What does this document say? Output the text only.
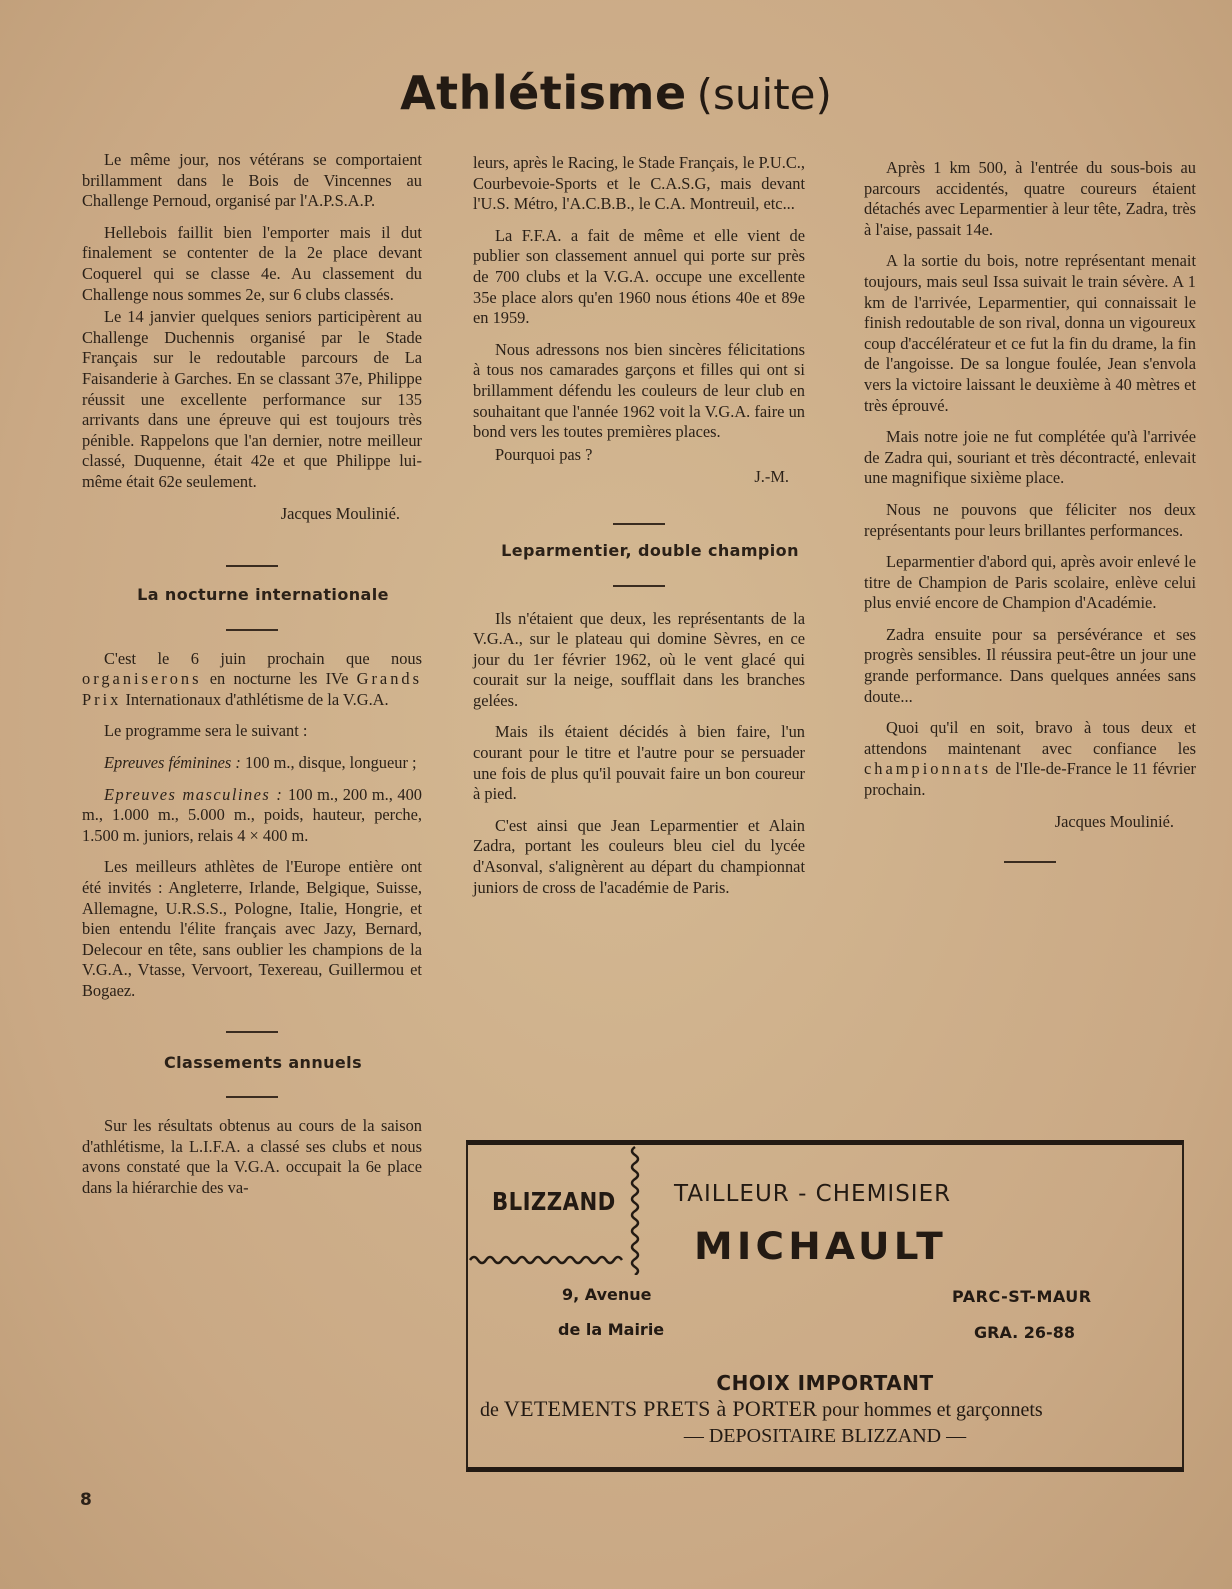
Athlétisme (suite)

Le même jour, nos vétérans se comportaient brillamment dans le Bois de Vincennes au Challenge Pernoud, organisé par l'A.P.S.A.P.

Hellebois faillit bien l'emporter mais il dut finalement se contenter de la 2e place devant Coquerel qui se classe 4e. Au classement du Challenge nous sommes 2e, sur 6 clubs classés.

Le 14 janvier quelques seniors participèrent au Challenge Duchennis organisé par le Stade Français sur le redoutable parcours de La Faisanderie à Garches. En se classant 37e, Philippe réussit une excellente performance sur 135 arrivants dans une épreuve qui est toujours très pénible. Rappelons que l'an dernier, notre meilleur classé, Duquenne, était 42e et que Philippe lui-même était 62e seulement.

Jacques Moulinié.

La nocturne internationale

C'est le 6 juin prochain que nous organiserons en nocturne les IVe Grands Prix Internationaux d'athlétisme de la V.G.A.

Le programme sera le suivant :

Epreuves féminines : 100 m., disque, longueur ;

Epreuves masculines : 100 m., 200 m., 400 m., 1.000 m., 5.000 m., poids, hauteur, perche, 1.500 m. juniors, relais 4 × 400 m.

Les meilleurs athlètes de l'Europe entière ont été invités : Angleterre, Irlande, Belgique, Suisse, Allemagne, U.R.S.S., Pologne, Italie, Hongrie, et bien entendu l'élite français avec Jazy, Bernard, Delecour en tête, sans oublier les champions de la V.G.A., Vtasse, Vervoort, Texereau, Guillermou et Bogaez.

Classements annuels

Sur les résultats obtenus au cours de la saison d'athlétisme, la L.I.F.A. a classé ses clubs et nous avons constaté que la V.G.A. occupait la 6e place dans la hiérarchie des va-

leurs, après le Racing, le Stade Français, le P.U.C., Courbevoie-Sports et le C.A.S.G, mais devant l'U.S. Métro, l'A.C.B.B., le C.A. Montreuil, etc...

La F.F.A. a fait de même et elle vient de publier son classement annuel qui porte sur près de 700 clubs et la V.G.A. occupe une excellente 35e place alors qu'en 1960 nous étions 40e et 89e en 1959.

Nous adressons nos bien sincères félicitations à tous nos camarades garçons et filles qui ont si brillamment défendu les couleurs de leur club en souhaitant que l'année 1962 voit la V.G.A. faire un bond vers les toutes premières places.

Pourquoi pas ?

J.-M.

Leparmentier, double champion

Ils n'étaient que deux, les représentants de la V.G.A., sur le plateau qui domine Sèvres, en ce jour du 1er février 1962, où le vent glacé qui courait sur la neige, soufflait dans les branches gelées.

Mais ils étaient décidés à bien faire, l'un courant pour le titre et l'autre pour se persuader une fois de plus qu'il pouvait faire un bon coureur à pied.

C'est ainsi que Jean Leparmentier et Alain Zadra, portant les couleurs bleu ciel du lycée d'Asonval, s'alignèrent au départ du championnat juniors de cross de l'académie de Paris.

Après 1 km 500, à l'entrée du sous-bois au parcours accidentés, quatre coureurs étaient détachés avec Leparmentier à leur tête, Zadra, très à l'aise, passait 14e.

A la sortie du bois, notre représentant menait toujours, mais seul Issa suivait le train sévère. A 1 km de l'arrivée, Leparmentier, qui connaissait le finish redoutable de son rival, donna un vigoureux coup d'accélérateur et ce fut la fin du drame, la fin de l'angoisse. De sa longue foulée, Jean s'envola vers la victoire laissant le deuxième à 40 mètres et très éprouvé.

Mais notre joie ne fut complétée qu'à l'arrivée de Zadra qui, souriant et très décontracté, enlevait une magnifique sixième place.

Nous ne pouvons que féliciter nos deux représentants pour leurs brillantes performances.

Leparmentier d'abord qui, après avoir enlevé le titre de Champion de Paris scolaire, enlève celui plus envié encore de Champion d'Académie.

Zadra ensuite pour sa persévérance et ses progrès sensibles. Il réussira peut-être un jour une grande performance. Dans quelques années sans doute...

Quoi qu'il en soit, bravo à tous deux et attendons maintenant avec confiance les championnats de l'Ile-de-France le 11 février prochain.

Jacques Moulinié.

BLIZZAND	TAILLEUR - CHEMISIER
MICHAULT
9, Avenue
de la Mairie
PARC-ST-MAUR
GRA. 26-88
CHOIX IMPORTANT
de VETEMENTS PRETS à PORTER pour hommes et garçonnets
— DEPOSITAIRE BLIZZAND —
8
